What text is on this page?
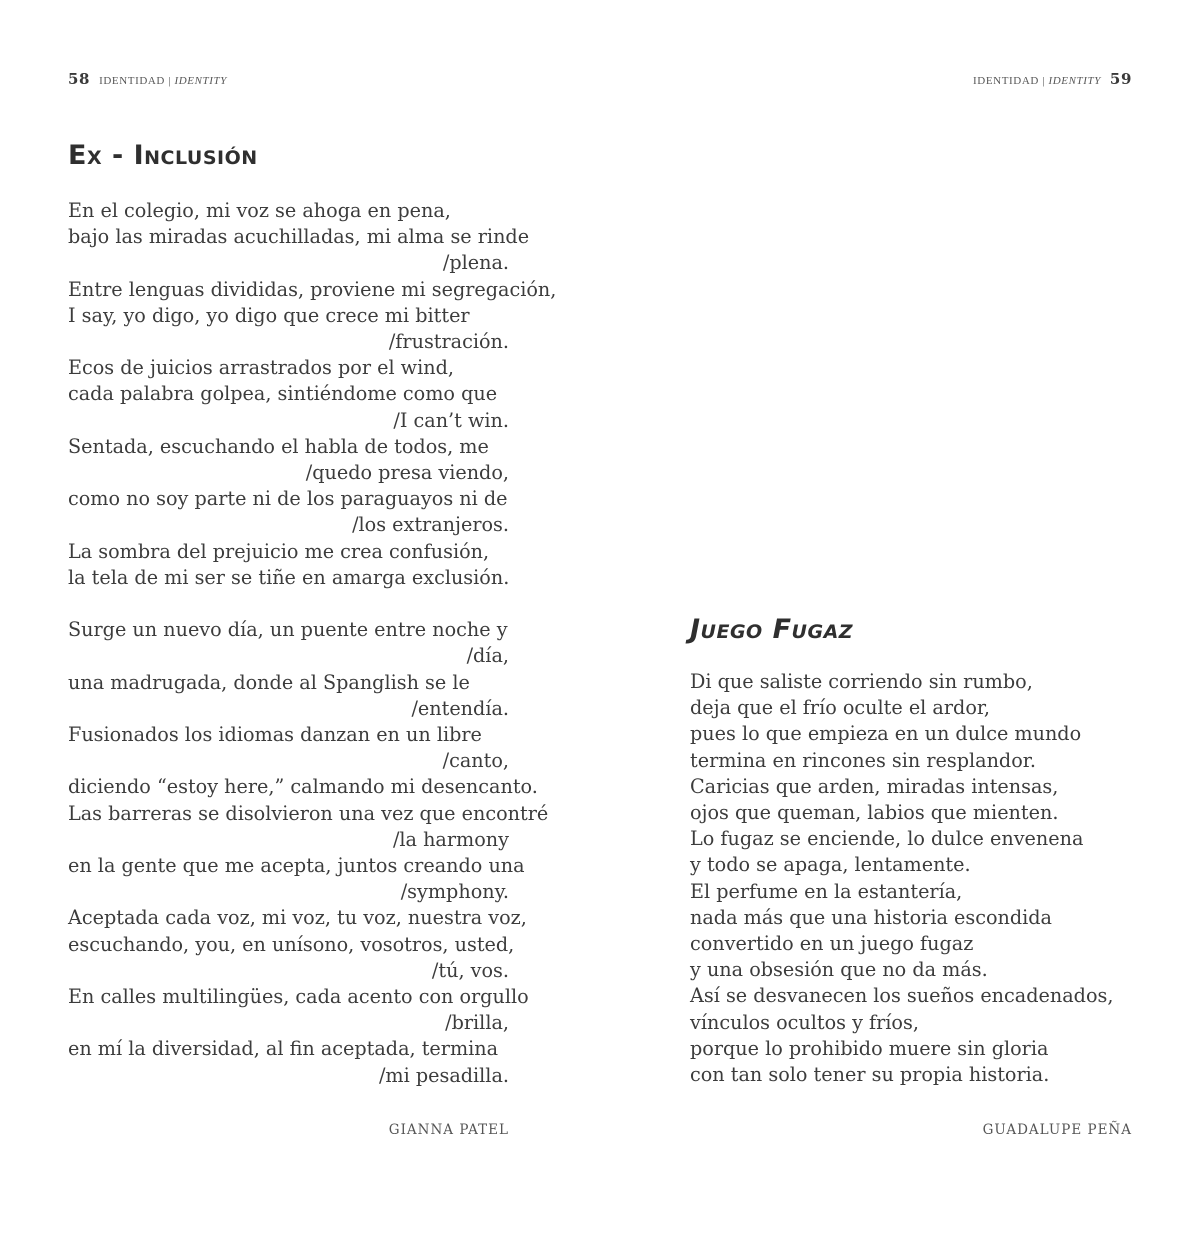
58 IDENTIDAD | IDENTITY	IDENTIDAD | IDENTITY 59
Ex - Inclusión
En el colegio, mi voz se ahoga en pena,
bajo las miradas acuchilladas, mi alma se rinde
/plena.
Entre lenguas divididas, proviene mi segregación,
I say, yo digo, yo digo que crece mi bitter
/frustración.
Ecos de juicios arrastrados por el wind,
cada palabra golpea, sintiéndome como que
/I can’t win.
Sentada, escuchando el habla de todos, me
/quedo presa viendo,
como no soy parte ni de los paraguayos ni de
/los extranjeros.
La sombra del prejuicio me crea confusión,
la tela de mi ser se tiñe en amarga exclusión.
Surge un nuevo día, un puente entre noche y
/día,
una madrugada, donde al Spanglish se le
/entendía.
Fusionados los idiomas danzan en un libre
/canto,
diciendo “estoy here,” calmando mi desencanto.
Las barreras se disolvieron una vez que encontré
/la harmony
en la gente que me acepta, juntos creando una
/symphony.
Aceptada cada voz, mi voz, tu voz, nuestra voz,
escuchando, you, en unísono, vosotros, usted,
/tú, vos.
En calles multilingües, cada acento con orgullo
/brilla,
en mí la diversidad, al fin aceptada, termina
/mi pesadilla.
GIANNA PATEL
Juego Fugaz
Di que saliste corriendo sin rumbo,
deja que el frío oculte el ardor,
pues lo que empieza en un dulce mundo
termina en rincones sin resplandor.
Caricias que arden, miradas intensas,
ojos que queman, labios que mienten.
Lo fugaz se enciende, lo dulce envenena
y todo se apaga, lentamente.
El perfume en la estantería,
nada más que una historia escondida
convertido en un juego fugaz
y una obsesión que no da más.
Así se desvanecen los sueños encadenados,
vínculos ocultos y fríos,
porque lo prohibido muere sin gloria
con tan solo tener su propia historia.
GUADALUPE PEÑA
